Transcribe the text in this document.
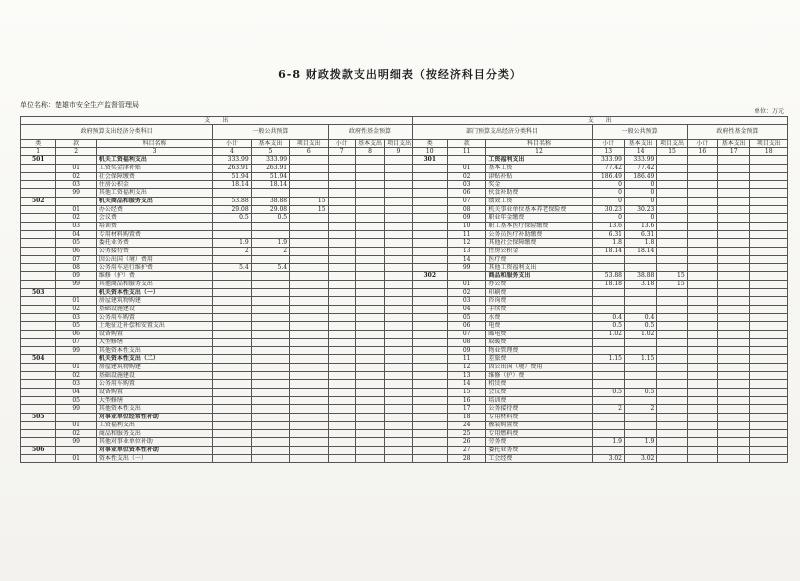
6-8 财政拨款支出明细表（按经济科目分类）
单位名称：楚雄市安全生产监督管理局
单位：万元
支　　出									支　　出								
政府预算支出经济分类科目			一般公共预算			政府性基金预算			部门预算支出经济分类科目			一般公共预算			政府性基金预算		
类	款	科目名称	小计	基本支出	项目支出	小计	基本支出	项目支出	类	款	科目名称	小计	基本支出	项目支出	小计	基本支出	项目支出
1	2	3	4	5	6	7	8	9	10	11	12	13	14	15	16	17	18
501		机关工资福利支出	333.99	333.99					301		工资福利支出	333.99	333.99				
	01	工资奖金津补贴	263.91	263.91						01	基本工资	77.42	77.42				
	02	社会保障缴费	51.94	51.94						02	津贴补贴	186.49	186.49				
	03	住房公积金	18.14	18.14						03	奖金	0	0				
	99	其他工资福利支出								06	伙食补助费	0	0				
502		机关商品和服务支出	53.88	38.88	15					07	绩效工资	0	0				
	01	办公经费	29.08	29.08	15					08	机关事业单位基本养老保险费	30.23	30.23				
	02	会议费	0.5	0.5						09	职业年金缴费	0	0				
	03	培训费								10	职工基本医疗保险缴费	13.6	13.6				
	04	专用材料购置费								11	公务员医疗补助缴费	6.31	6.31				
	05	委托业务费	1.9	1.9						12	其他社会保障缴费	1.8	1.8				
	06	公务接待费	2	2						13	住房公积金	18.14	18.14				
	07	因公出国（境）费用								14	医疗费						
	08	公务用车运行维护费	5.4	5.4						99	其他工资福利支出						
	09	维修（护）费							302		商品和服务支出	53.88	38.88	15			
	99	其他商品和服务支出								01	办公费	18.18	3.18	15			
503		机关资本性支出（一）								02	印刷费						
	01	房屋建筑物购建								03	咨询费						
	02	基础设施建设								04	手续费						
	03	公务用车购置								05	水费	0.4	0.4				
	05	土地征迁补偿和安置支出								06	电费	0.5	0.5				
	06	设备购置								07	邮电费	1.02	1.02				
	07	大型修缮								08	取暖费						
	99	其他资本性支出								09	物业管理费						
504		机关资本性支出（二）								11	差旅费	1.15	1.15				
	01	房屋建筑物购建								12	因公出国（境）费用						
	02	基础设施建设								13	维修（护）费						
	03	公务用车购置								14	租赁费						
	04	设备购置								15	会议费	0.5	0.5				
	05	大型修缮								16	培训费						
	99	其他资本性支出								17	公务接待费	2	2				
505		对事业单位经常性补助								18	专用材料费						
	01	工资福利支出								24	被装购置费						
	02	商品和服务支出								25	专用燃料费						
	99	其他对事业单位补助								26	劳务费	1.9	1.9				
506		对事业单位资本性补助								27	委托业务费						
	01	资本性支出（一）								28	工会经费	3.02	3.02				
